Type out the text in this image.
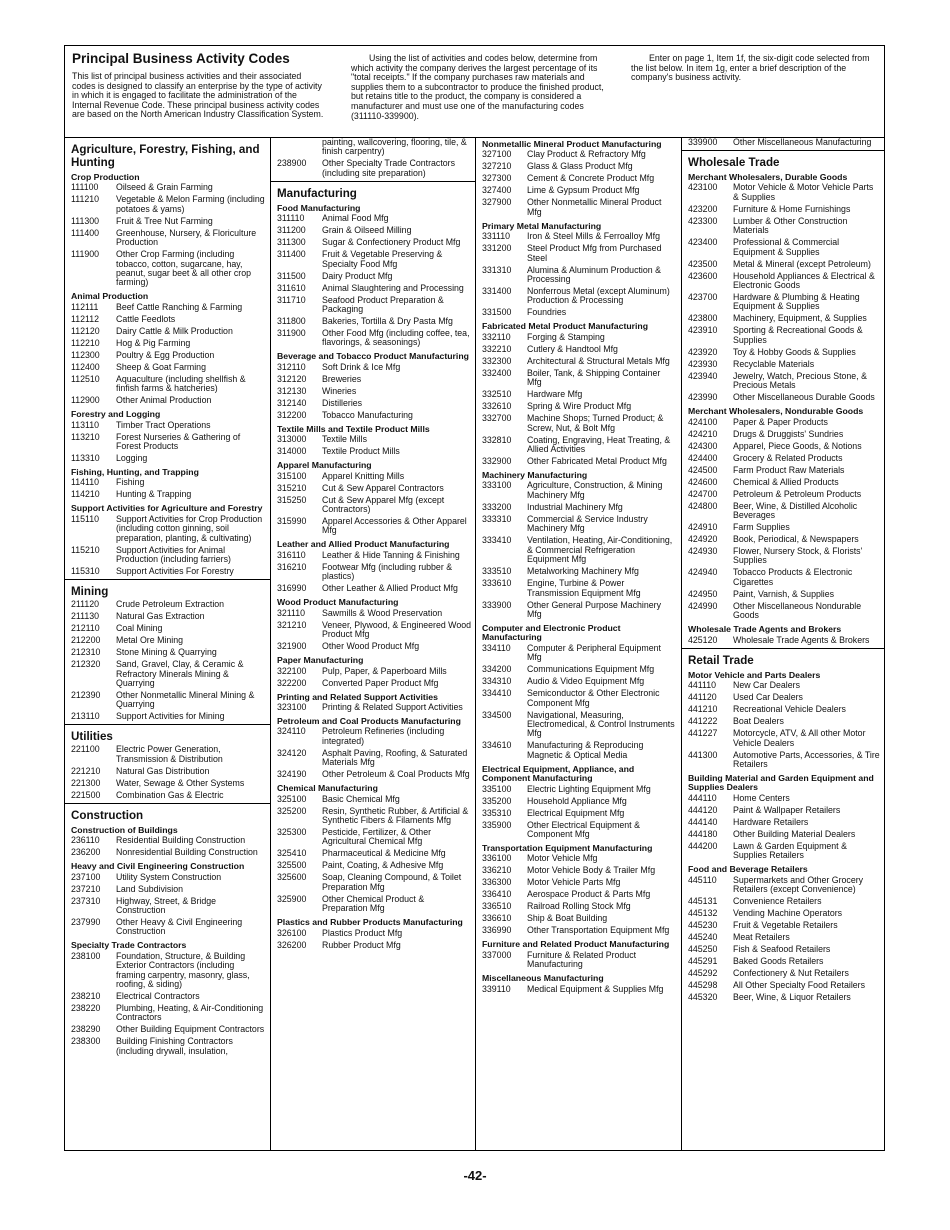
Principal Business Activity Codes

This list of principal business activities and their associated codes is designed to classify an enterprise by the type of activity in which it is engaged to facilitate the administration of the Internal Revenue Code. These principal business activity codes are based on the North American Industry Classification System.

Using the list of activities and codes below, determine from which activity the company derives the largest percentage of its "total receipts." If the company purchases raw materials and supplies them to a subcontractor to produce the finished product, but retains title to the product, the company is considered a manufacturer and must use one of the manufacturing codes (311110-339900).

Enter on page 1, Item 1f, the six-digit code selected from the list below. In item 1g, enter a brief description of the company's business activity.

Agriculture, Forestry, Fishing, and Hunting
Crop Production
111100	Oilseed & Grain Farming
111210	Vegetable & Melon Farming (including potatoes & yams)
111300	Fruit & Tree Nut Farming
111400	Greenhouse, Nursery, & Floriculture Production
111900	Other Crop Farming (including tobacco, cotton, sugarcane, hay, peanut, sugar beet & all other crop farming)
Animal Production
112111	Beef Cattle Ranching & Farming
112112	Cattle Feedlots
112120	Dairy Cattle & Milk Production
112210	Hog & Pig Farming
112300	Poultry & Egg Production
112400	Sheep & Goat Farming
112510	Aquaculture (including shellfish & finfish farms & hatcheries)
112900	Other Animal Production
Forestry and Logging
113110	Timber Tract Operations
113210	Forest Nurseries & Gathering of Forest Products
113310	Logging
Fishing, Hunting, and Trapping
114110	Fishing
114210	Hunting & Trapping
Support Activities for Agriculture and Forestry
115110	Support Activities for Crop Production (including cotton ginning, soil preparation, planting, & cultivating)
115210	Support Activities for Animal Production (including farriers)
115310	Support Activities For Forestry
Mining
211120	Crude Petroleum Extraction
211130	Natural Gas Extraction
212110	Coal Mining
212200	Metal Ore Mining
212310	Stone Mining & Quarrying
212320	Sand, Gravel, Clay, & Ceramic & Refractory Minerals Mining & Quarrying
212390	Other Nonmetallic Mineral Mining & Quarrying
213110	Support Activities for Mining
Utilities
221100	Electric Power Generation, Transmission & Distribution
221210	Natural Gas Distribution
221300	Water, Sewage & Other Systems
221500	Combination Gas & Electric
Construction
Construction of Buildings
236110	Residential Building Construction
236200	Nonresidential Building Construction
Heavy and Civil Engineering Construction
237100	Utility System Construction
237210	Land Subdivision
237310	Highway, Street, & Bridge Construction
237990	Other Heavy & Civil Engineering Construction
Specialty Trade Contractors
238100	Foundation, Structure, & Building Exterior Contractors (including framing carpentry, masonry, glass, roofing, & siding)
238210	Electrical Contractors
238220	Plumbing, Heating, & Air-Conditioning Contractors
238290	Other Building Equipment Contractors
238300	Building Finishing Contractors (including drywall, insulation,
painting, wallcovering, flooring, tile, & finish carpentry)
238900	Other Specialty Trade Contractors (including site preparation)
Manufacturing
Food Manufacturing
311110	Animal Food Mfg
311200	Grain & Oilseed Milling
311300	Sugar & Confectionery Product Mfg
311400	Fruit & Vegetable Preserving & Specialty Food Mfg
311500	Dairy Product Mfg
311610	Animal Slaughtering and Processing
311710	Seafood Product Preparation & Packaging
311800	Bakeries, Tortilla & Dry Pasta Mfg
311900	Other Food Mfg (including coffee, tea, flavorings, & seasonings)
Beverage and Tobacco Product Manufacturing
312110	Soft Drink & Ice Mfg
312120	Breweries
312130	Wineries
312140	Distilleries
312200	Tobacco Manufacturing
Textile Mills and Textile Product Mills
313000	Textile Mills
314000	Textile Product Mills
Apparel Manufacturing
315100	Apparel Knitting Mills
315210	Cut & Sew Apparel Contractors
315250	Cut & Sew Apparel Mfg (except Contractors)
315990	Apparel Accessories & Other Apparel Mfg
Leather and Allied Product Manufacturing
316110	Leather & Hide Tanning & Finishing
316210	Footwear Mfg (including rubber & plastics)
316990	Other Leather & Allied Product Mfg
Wood Product Manufacturing
321110	Sawmills & Wood Preservation
321210	Veneer, Plywood, & Engineered Wood Product Mfg
321900	Other Wood Product Mfg
Paper Manufacturing
322100	Pulp, Paper, & Paperboard Mills
322200	Converted Paper Product Mfg
Printing and Related Support Activities
323100	Printing & Related Support Activities
Petroleum and Coal Products Manufacturing
324110	Petroleum Refineries (including integrated)
324120	Asphalt Paving, Roofing, & Saturated Materials Mfg
324190	Other Petroleum & Coal Products Mfg
Chemical Manufacturing
325100	Basic Chemical Mfg
325200	Resin, Synthetic Rubber, & Artificial & Synthetic Fibers & Filaments Mfg
325300	Pesticide, Fertilizer, & Other Agricultural Chemical Mfg
325410	Pharmaceutical & Medicine Mfg
325500	Paint, Coating, & Adhesive Mfg
325600	Soap, Cleaning Compound, & Toilet Preparation Mfg
325900	Other Chemical Product & Preparation Mfg
Plastics and Rubber Products Manufacturing
326100	Plastics Product Mfg
326200	Rubber Product Mfg
Nonmetallic Mineral Product Manufacturing
327100	Clay Product & Refractory Mfg
327210	Glass & Glass Product Mfg
327300	Cement & Concrete Product Mfg
327400	Lime & Gypsum Product Mfg
327900	Other Nonmetallic Mineral Product Mfg
Primary Metal Manufacturing
331110	Iron & Steel Mills & Ferroalloy Mfg
331200	Steel Product Mfg from Purchased Steel
331310	Alumina & Aluminum Production & Processing
331400	Nonferrous Metal (except Aluminum) Production & Processing
331500	Foundries
Fabricated Metal Product Manufacturing
332110	Forging & Stamping
332210	Cutlery & Handtool Mfg
332300	Architectural & Structural Metals Mfg
332400	Boiler, Tank, & Shipping Container Mfg
332510	Hardware Mfg
332610	Spring & Wire Product Mfg
332700	Machine Shops; Turned Product; & Screw, Nut, & Bolt Mfg
332810	Coating, Engraving, Heat Treating, & Allied Activities
332900	Other Fabricated Metal Product Mfg
Machinery Manufacturing
333100	Agriculture, Construction, & Mining Machinery Mfg
333200	Industrial Machinery Mfg
333310	Commercial & Service Industry Machinery Mfg
333410	Ventilation, Heating, Air-Conditioning, & Commercial Refrigeration Equipment Mfg
333510	Metalworking Machinery Mfg
333610	Engine, Turbine & Power Transmission Equipment Mfg
333900	Other General Purpose Machinery Mfg
Computer and Electronic Product Manufacturing
334110	Computer & Peripheral Equipment Mfg
334200	Communications Equipment Mfg
334310	Audio & Video Equipment Mfg
334410	Semiconductor & Other Electronic Component Mfg
334500	Navigational, Measuring, Electromedical, & Control Instruments Mfg
334610	Manufacturing & Reproducing Magnetic & Optical Media
Electrical Equipment, Appliance, and Component Manufacturing
335100	Electric Lighting Equipment Mfg
335200	Household Appliance Mfg
335310	Electrical Equipment Mfg
335900	Other Electrical Equipment & Component Mfg
Transportation Equipment Manufacturing
336100	Motor Vehicle Mfg
336210	Motor Vehicle Body & Trailer Mfg
336300	Motor Vehicle Parts Mfg
336410	Aerospace Product & Parts Mfg
336510	Railroad Rolling Stock Mfg
336610	Ship & Boat Building
336990	Other Transportation Equipment Mfg
Furniture and Related Product Manufacturing
337000	Furniture & Related Product Manufacturing
Miscellaneous Manufacturing
339110	Medical Equipment & Supplies Mfg
339900	Other Miscellaneous Manufacturing
Wholesale Trade
Merchant Wholesalers, Durable Goods
423100	Motor Vehicle & Motor Vehicle Parts & Supplies
423200	Furniture & Home Furnishings
423300	Lumber & Other Construction Materials
423400	Professional & Commercial Equipment & Supplies
423500	Metal & Mineral (except Petroleum)
423600	Household Appliances & Electrical & Electronic Goods
423700	Hardware & Plumbing & Heating Equipment & Supplies
423800	Machinery, Equipment, & Supplies
423910	Sporting & Recreational Goods & Supplies
423920	Toy & Hobby Goods & Supplies
423930	Recyclable Materials
423940	Jewelry, Watch, Precious Stone, & Precious Metals
423990	Other Miscellaneous Durable Goods
Merchant Wholesalers, Nondurable Goods
424100	Paper & Paper Products
424210	Drugs & Druggists' Sundries
424300	Apparel, Piece Goods, & Notions
424400	Grocery & Related Products
424500	Farm Product Raw Materials
424600	Chemical & Allied Products
424700	Petroleum & Petroleum Products
424800	Beer, Wine, & Distilled Alcoholic Beverages
424910	Farm Supplies
424920	Book, Periodical, & Newspapers
424930	Flower, Nursery Stock, & Florists' Supplies
424940	Tobacco Products & Electronic Cigarettes
424950	Paint, Varnish, & Supplies
424990	Other Miscellaneous Nondurable Goods
Wholesale Trade Agents and Brokers
425120	Wholesale Trade Agents & Brokers
Retail Trade
Motor Vehicle and Parts Dealers
441110	New Car Dealers
441120	Used Car Dealers
441210	Recreational Vehicle Dealers
441222	Boat Dealers
441227	Motorcycle, ATV, & All other Motor Vehicle Dealers
441300	Automotive Parts, Accessories, & Tire Retailers
Building Material and Garden Equipment and Supplies Dealers
444110	Home Centers
444120	Paint & Wallpaper Retailers
444140	Hardware Retailers
444180	Other Building Material Dealers
444200	Lawn & Garden Equipment & Supplies Retailers
Food and Beverage Retailers
445110	Supermarkets and Other Grocery Retailers (except Convenience)
445131	Convenience Retailers
445132	Vending Machine Operators
445230	Fruit & Vegetable Retailers
445240	Meat Retailers
445250	Fish & Seafood Retailers
445291	Baked Goods Retailers
445292	Confectionery & Nut Retailers
445298	All Other Specialty Food Retailers
445320	Beer, Wine, & Liquor Retailers
-42-
